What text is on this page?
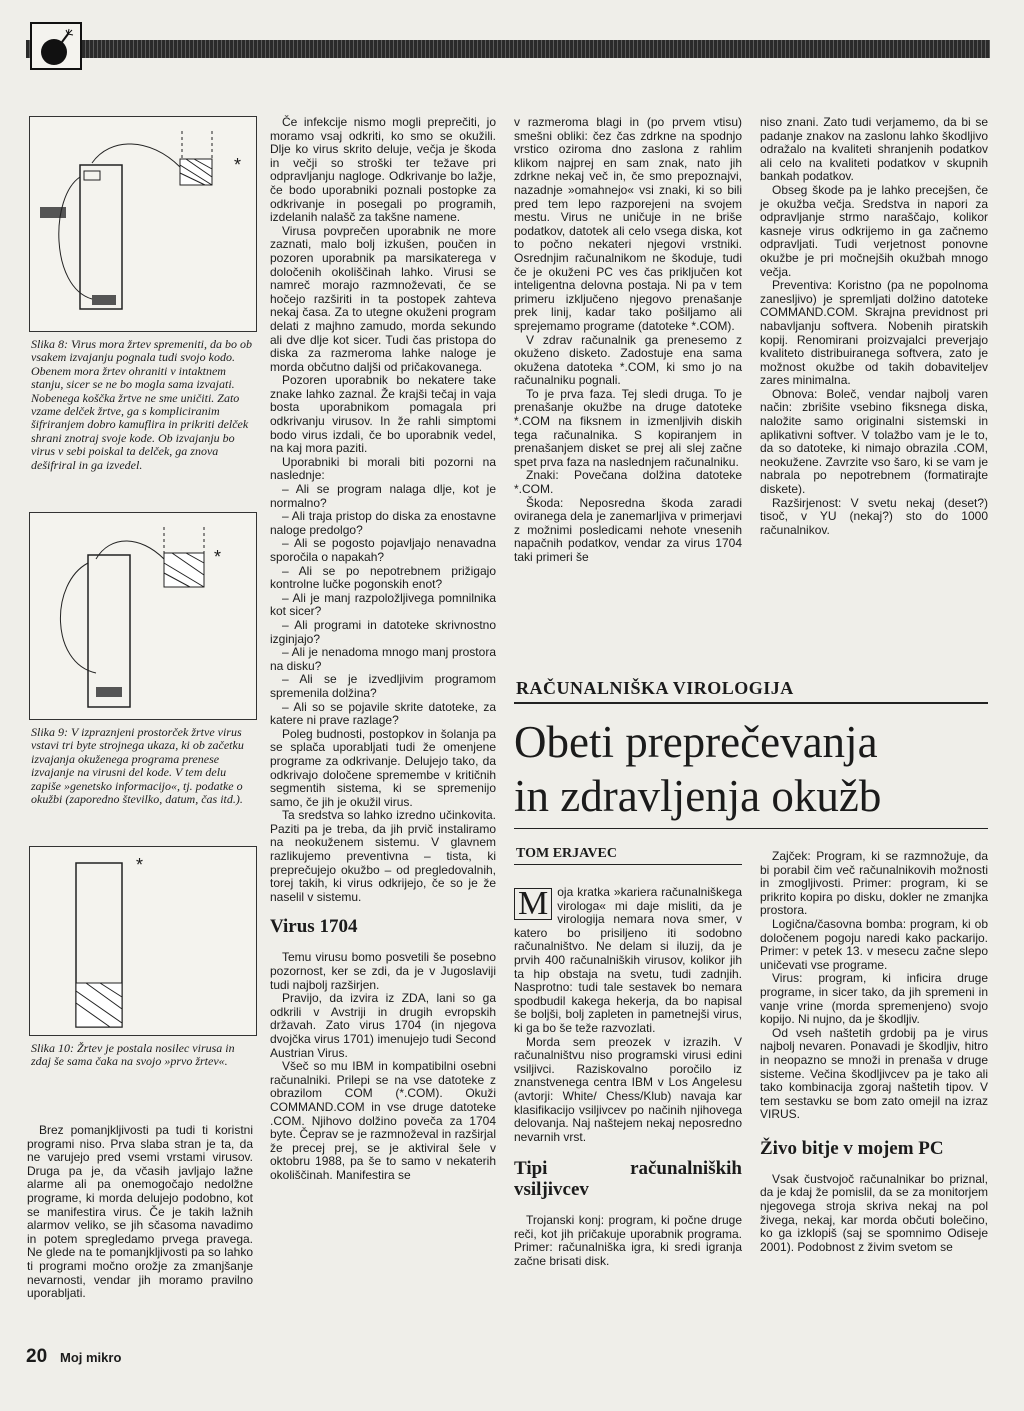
*
Slika 8: Virus mora žrtev spremeniti, da bo ob vsakem izvajanju pognala tudi svojo kodo. Obenem mora žrtev ohraniti v intaktnem stanju, sicer se ne bo mogla sama izvajati. Nobenega koščka žrtve ne sme uničiti. Zato vzame delček žrtve, ga s kompliciranim šifriranjem dobro kamuflira in prikriti delček shrani znotraj svoje kode. Ob izvajanju bo virus v sebi poiskal ta delček, ga znova dešifriral in ga izvedel.
*
Slika 9: V izpraznjeni prostorček žrtve virus vstavi tri byte strojnega ukaza, ki ob začetku izvajanja okuženega programa prenese izvajanje na virusni del kode. V tem delu zapiše »genetsko informacijo«, tj. podatke o okužbi (zaporedno številko, datum, čas itd.).
*
Slika 10: Žrtev je postala nosilec virusa in zdaj še sama čaka na svojo »prvo žrtev«.

Brez pomanjkljivosti pa tudi ti koristni programi niso. Prva slaba stran je ta, da ne varujejo pred vsemi vrstami virusov. Druga pa je, da včasih javljajo lažne alarme ali pa onemogočajo nedolžne programe, ki morda delujejo podobno, kot se manifestira virus. Če je takih lažnih alarmov veliko, se jih sčasoma navadimo in potem spregledamo prvega pravega. Ne glede na te pomanjkljivosti pa so lahko ti programi močno orožje za zmanjšanje nevarnosti, vendar jih moramo pravilno uporabljati.

Če infekcije nismo mogli preprečiti, jo moramo vsaj odkriti, ko smo se okužili. Dlje ko virus skrito deluje, večja je škoda in večji so stroški ter težave pri odpravljanju nagloge. Odkrivanje bo lažje, če bodo uporabniki poznali postopke za odkrivanje in posegali po programih, izdelanih nalašč za takšne namene.

Virusa povprečen uporabnik ne more zaznati, malo bolj izkušen, poučen in pozoren uporabnik pa marsikaterega v določenih okoliščinah lahko. Virusi se namreč morajo razmnoževati, če se hočejo razširiti in ta postopek zahteva nekaj časa. Za to utegne okuženi program delati z majhno zamudo, morda sekundo ali dve dlje kot sicer. Tudi čas pristopa do diska za razmeroma lahke naloge je morda občutno daljši od pričakovanega.

Pozoren uporabnik bo nekatere take znake lahko zaznal. Že krajši tečaj in vaja bosta uporabnikom pomagala pri odkrivanju virusov. In že rahli simptomi bodo virus izdali, če bo uporabnik vedel, na kaj mora paziti.

Uporabniki bi morali biti pozorni na naslednje:

– Ali se program nalaga dlje, kot je normalno?

– Ali traja pristop do diska za enostavne naloge predolgo?

– Ali se pogosto pojavljajo nenavadna sporočila o napakah?

– Ali se po nepotrebnem prižigajo kontrolne lučke pogonskih enot?

– Ali je manj razpoložljivega pomnilnika kot sicer?

– Ali programi in datoteke skrivnostno izginjajo?

– Ali je nenadoma mnogo manj prostora na disku?

– Ali se je izvedljivim programom spremenila dolžina?

– Ali so se pojavile skrite datoteke, za katere ni prave razlage?

Poleg budnosti, postopkov in šolanja pa se splača uporabljati tudi že omenjene programe za odkrivanje. Delujejo tako, da odkrivajo določene spremembe v kritičnih segmentih sistema, ki se spremenijo samo, če jih je okužil virus.

Ta sredstva so lahko izredno učinkovita. Paziti pa je treba, da jih prvič instaliramo na neokuženem sistemu. V glavnem razlikujemo preventivna – tista, ki preprečujejo okužbo – od pregledovalnih, torej takih, ki virus odkrijejo, če so je že naselil v sistemu.

Virus 1704

Temu virusu bomo posvetili še posebno pozornost, ker se zdi, da je v Jugoslaviji tudi najbolj razširjen.

Pravijo, da izvira iz ZDA, lani so ga odkrili v Avstriji in drugih evropskih državah. Zato virus 1704 (in njegova dvojčka virus 1701) imenujejo tudi Second Austrian Virus.

Všeč so mu IBM in kompatibilni osebni računalniki. Prilepi se na vse datoteke z obrazilom COM (*.COM). Okuži COMMAND.COM in vse druge datoteke .COM. Njihovo dolžino poveča za 1704 byte. Čeprav se je razmnoževal in razširjal že precej prej, se je aktiviral šele v oktobru 1988, pa še to samo v nekaterih okoliščinah. Manifestira se

v razmeroma blagi in (po prvem vtisu) smešni obliki: čez čas zdrkne na spodnjo vrstico oziroma dno zaslona z rahlim klikom najprej en sam znak, nato jih zdrkne nekaj več in, če smo prepoznajvi, nazadnje »omahnejo« vsi znaki, ki so bili pred tem lepo razporejeni na svojem mestu. Virus ne uničuje in ne briše podatkov, datotek ali celo vsega diska, kot to počno nekateri njegovi vrstniki. Osrednjim računalnikom ne škoduje, tudi če je okuženi PC ves čas priključen kot inteligentna delovna postaja. Ni pa v tem primeru izključeno njegovo prenašanje prek linij, kadar tako pošiljamo ali sprejemamo programe (datoteke *.COM).

V zdrav računalnik ga prenesemo z okuženo disketo. Zadostuje ena sama okužena datoteka *.COM, ki smo jo na računalniku pognali.

To je prva faza. Tej sledi druga. To je prenašanje okužbe na druge datoteke *.COM na fiksnem in izmenljivih diskih tega računalnika. S kopiranjem in prenašanjem disket se prej ali slej začne spet prva faza na naslednjem računalniku.

Znaki: Povečana dolžina datoteke *.COM.

Škoda: Neposredna škoda zaradi oviranega dela je zanemarljiva v primerjavi z možnimi posledicami nehote vnesenih napačnih podatkov, vendar za virus 1704 taki primeri še

niso znani. Zato tudi verjamemo, da bi se padanje znakov na zaslonu lahko škodljivo odražalo na kvaliteti shranjenih podatkov ali celo na kvaliteti podatkov v skupnih bankah podatkov.

Obseg škode pa je lahko precejšen, če je okužba večja. Sredstva in napori za odpravljanje strmo naraščajo, kolikor kasneje virus odkrijemo in ga začnemo odpravljati. Tudi verjetnost ponovne okužbe je pri močnejših okužbah mnogo večja.

Preventiva: Koristno (pa ne popolnoma zanesljivo) je spremljati dolžino datoteke COMMAND.COM. Skrajna previdnost pri nabavljanju softvera. Nobenih piratskih kopij. Renomirani proizvajalci preverjajo kvaliteto distribuiranega softvera, zato je možnost okužbe od takih dobaviteljev zares minimalna.

Obnova: Boleč, vendar najbolj varen način: zbrišite vsebino fiksnega diska, naložite samo originalni sistemski in aplikativni softver. V tolažbo vam je le to, da so datoteke, ki nimajo obrazila .COM, neokužene. Zavrzite vso šaro, ki se vam je nabrala po nepotrebnem (formatirajte diskete).

Razširjenost: V svetu nekaj (deset?) tisoč, v YU (nekaj?) sto do 1000 računalnikov.

RAČUNALNIŠKA VIROLOGIJA
Obeti preprečevanja
in zdravljenja okužb
TOM ERJAVEC

M oja kratka »kariera računalniškega virologa« mi daje misliti, da je virologija nemara nova smer, v katero bo prisiljeno iti sodobno računalništvo. Ne delam si iluzij, da je prvih 400 računalniških virusov, kolikor jih ta hip obstaja na svetu, tudi zadnjih. Nasprotno: tudi tale sestavek bo nemara spodbudil kakega hekerja, da bo napisal še boljši, bolj zapleten in pametnejši virus, ki ga bo še teže razvozlati.

Morda sem preozek v izrazih. V računalništvu niso programski virusi edini vsiljivci. Raziskovalno poročilo iz znanstvenega centra IBM v Los Angelesu (avtorji: White/ Chess/Klub) navaja kar klasifikacijo vsiljivcev po načinih njihovega delovanja. Naj naštejem nekaj neposredno nevarnih vrst.

Tipi računalniških vsiljivcev

Trojanski konj: program, ki počne druge reči, kot jih pričakuje uporabnik programa. Primer: računalniška igra, ki sredi igranja začne brisati disk.

Zajček: Program, ki se razmnožuje, da bi porabil čim več računalnikovih možnosti in zmogljivosti. Primer: program, ki se prikrito kopira po disku, dokler ne zmanjka prostora.

Logična/časovna bomba: program, ki ob določenem pogoju naredi kako packarijo. Primer: v petek 13. v mesecu začne slepo uničevati vse programe.

Virus: program, ki inficira druge programe, in sicer tako, da jih spremeni in vanje vrine (morda spremenjeno) svojo kopijo. Ni nujno, da je škodljiv.

Od vseh naštetih grdobij pa je virus najbolj nevaren. Ponavadi je škodljiv, hitro in neopazno se množi in prenaša v druge sisteme. Večina škodljivcev pa je tako ali tako kombinacija zgoraj naštetih tipov. V tem sestavku se bom zato omejil na izraz VIRUS.

Živo bitje v mojem PC

Vsak čustvojoč računalnikar bo priznal, da je kdaj že pomislil, da se za monitorjem njegovega stroja skriva nekaj na pol živega, nekaj, kar morda občuti bolečino, ko ga izklopiš (saj se spomnimo Odiseje 2001). Podobnost z živim svetom se

20 Moj mikro
